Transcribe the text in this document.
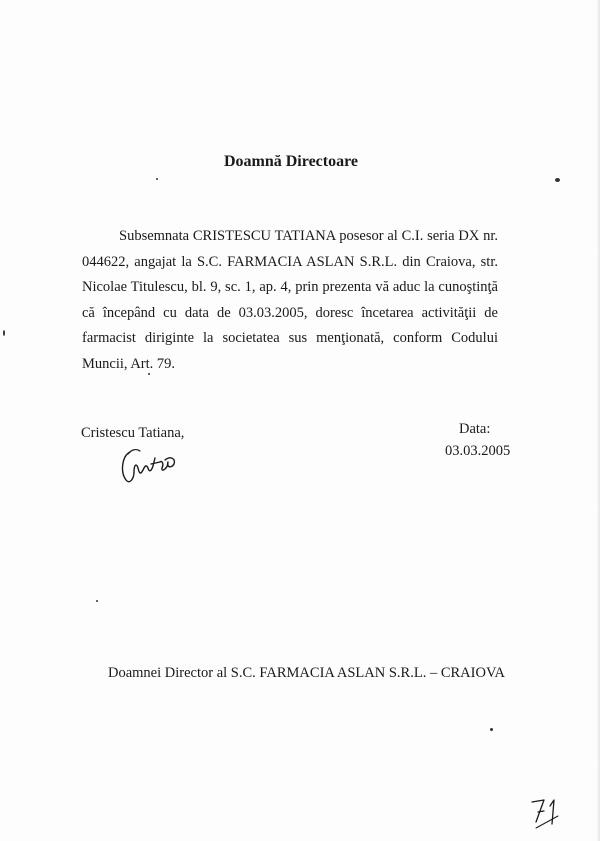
Doamnă Directoare
Subsemnata CRISTESCU TATIANA posesor al C.I. seria DX nr. 044622, angajat la S.C. FARMACIA ASLAN S.R.L. din Craiova, str. Nicolae Titulescu, bl. 9, sc. 1, ap. 4, prin prezenta vă aduc la cunoştinţă că începând cu data de 03.03.2005, doresc încetarea activităţii de farmacist diriginte la societatea sus menţionată, conform Codului Muncii, Art. 79.
Cristescu Tatiana,	Data:
03.03.2005
Doamnei Director al S.C. FARMACIA ASLAN S.R.L. – CRAIOVA
